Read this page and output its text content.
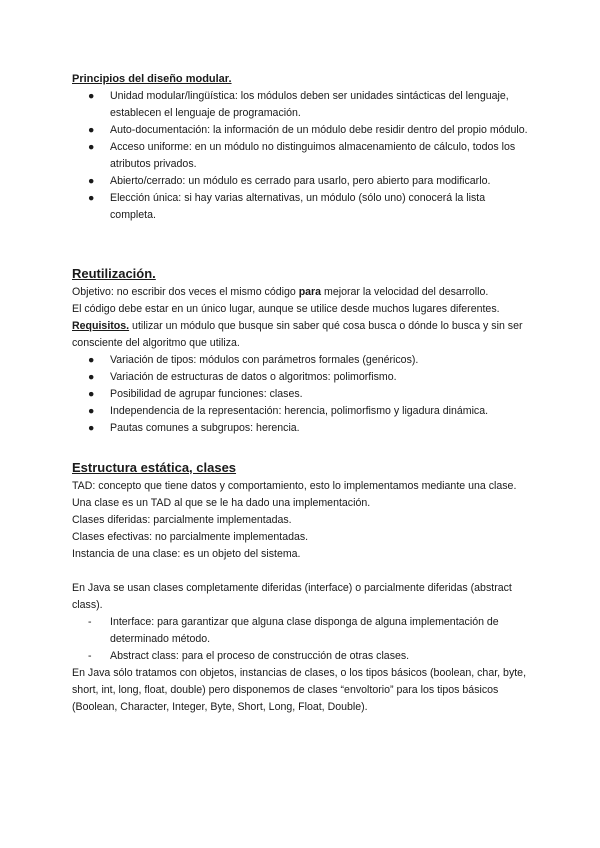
Principios del diseño modular.
● Unidad modular/lingüística: los módulos deben ser unidades sintácticas del lenguaje, establecen el lenguaje de programación.
● Auto-documentación: la información de un módulo debe residir dentro del propio módulo.
● Acceso uniforme: en un módulo no distinguimos almacenamiento de cálculo, todos los atributos privados.
● Abierto/cerrado: un módulo es cerrado para usarlo, pero abierto para modificarlo.
● Elección única: si hay varias alternativas, un módulo (sólo uno) conocerá la lista completa.
Reutilización.

Objetivo: no escribir dos veces el mismo código para mejorar la velocidad del desarrollo.

El código debe estar en un único lugar, aunque se utilice desde muchos lugares diferentes.

Requisitos. utilizar un módulo que busque sin saber qué cosa busca o dónde lo busca y sin ser consciente del algoritmo que utiliza.

● Variación de tipos: módulos con parámetros formales (genéricos).
● Variación de estructuras de datos o algoritmos: polimorfismo.
● Posibilidad de agrupar funciones: clases.
● Independencia de la representación: herencia, polimorfismo y ligadura dinámica.
● Pautas comunes a subgrupos: herencia.
Estructura estática, clases

TAD: concepto que tiene datos y comportamiento, esto lo implementamos mediante una clase.

Una clase es un TAD al que se le ha dado una implementación.

Clases diferidas: parcialmente implementadas.

Clases efectivas: no parcialmente implementadas.

Instancia de una clase: es un objeto del sistema.

En Java se usan clases completamente diferidas (interface) o parcialmente diferidas (abstract class).

- Interface: para garantizar que alguna clase disponga de alguna implementación de determinado método.
- Abstract class: para el proceso de construcción de otras clases.

En Java sólo tratamos con objetos, instancias de clases, o los tipos básicos (boolean, char, byte, short, int, long, float, double) pero disponemos de clases “envoltorio” para los tipos básicos (Boolean, Character, Integer, Byte, Short, Long, Float, Double).
